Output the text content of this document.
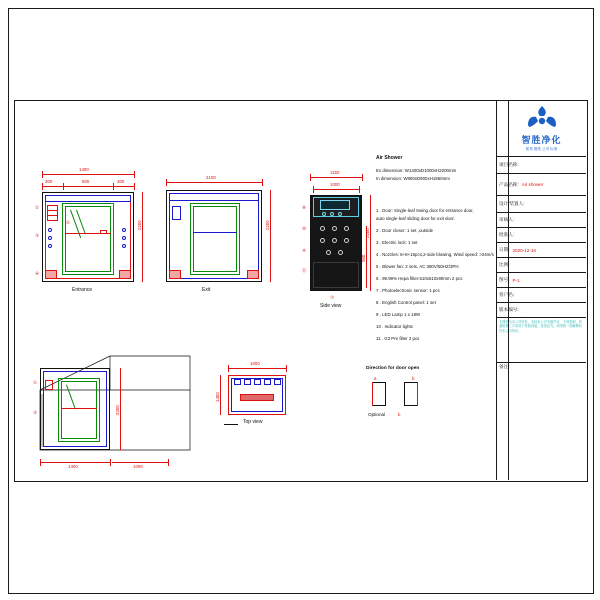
1400
300	800	300
2200
①
③
④
②
Entrance
2100
2200
Exit
1150
1000
2200
960
⑧
⑩
④
⑪
⑦
Side view
Air Shower
Ex dimension: W1400xD1000xH2200mm
In dimension: W800xD900xH1960mm
1 . Door: Single-leaf Swing door for entrance door,
auto single-leaf sliding door for exit door.
2 . Door closer: 1 set ,outside
3 . Electric lock: 1 set
4 . Nozzles: 6+8+16pcs,2-side blowing, Wind speed: >24m/s
5 . Blower fan: 2 sets, AC 380V/50HZ/3PH
6 . 99.99% Hepa filter:610x610x90mm 2 pcs
7 . Photoelectronic sensor: 1 pcs
8 . English Control panel: 1 set
9 . LED Lamp 1 x 18W
10 . Indicator lights
11 . G3 Pre filter 2 pcs
1400	1000
2200
①
③
1000
1400
Top view
Direction for door open
a	b
Optional	b
智胜净化
简易 图纸 公司 标准
项目名称:
产品名称: Air shower
设计/装置人:
审核人:
批准人:
日期: 2020-12-16
比例:
图号: P-1
客户名:
版本编号:
本图纸为本公司所有，未经本公司书面许可，不得复制、传递给第三方或用于其他用途，违者必究。本图纸一切解释权归本公司所有。
备注:
